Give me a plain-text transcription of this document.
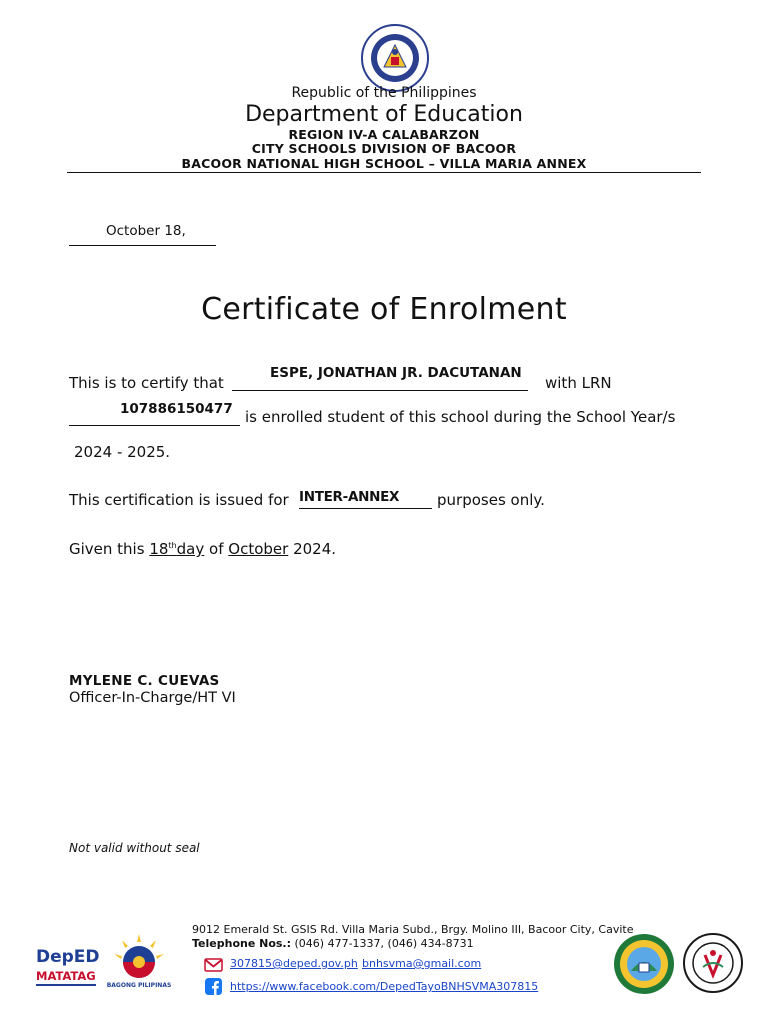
Republic of the Philippines
Department of Education
REGION IV-A CALABARZON
CITY SCHOOLS DIVISION OF BACOOR
BACOOR NATIONAL HIGH SCHOOL – VILLA MARIA ANNEX
October 18,
Certificate of Enrolment
This is to certify that
ESPE, JONATHAN JR. DACUTANAN
with LRN
107886150477 is enrolled student of this school during the School Year/s
2024 - 2025.
This certification is issued for INTER-ANNEX	purposes only.
Given this 18thday of October 2024.
MYLENE C. CUEVAS
Officer-In-Charge/HT VI
Not valid without seal
DepED
MATATAG
BAGONG PILIPINAS
9012 Emerald St. GSIS Rd. Villa Maria Subd., Brgy. Molino III, Bacoor City, Cavite
Telephone Nos.: (046) 477-1337, (046) 434-8731
307815@deped.gov.ph bnhsvma@gmail.com
https://www.facebook.com/DepedTayoBNHSVMA307815
